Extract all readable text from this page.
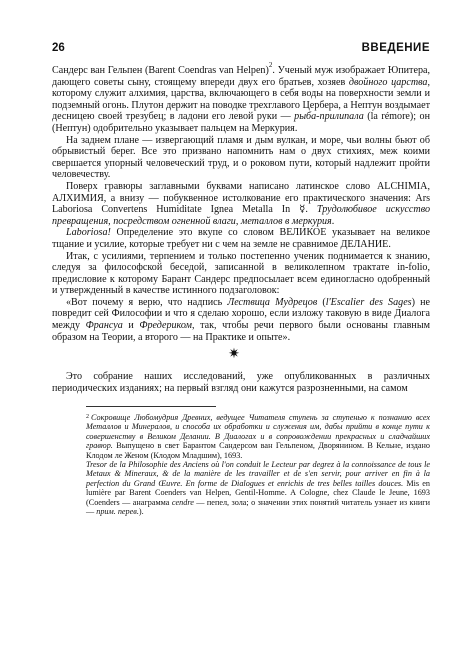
26	ВВЕДЕНИЕ

Сандерс ван Гельпен (Barent Coendras van Helpen)$^2$. Ученый муж изображает Юпитера, дающего советы сыну, стоящему впереди двух его братьев, хозяев двойного царства, которому служит алхимия, царства, включающего в себя воды на поверхности земли и подземный огонь. Плутон держит на поводке трехглавого Цербера, а Нептун воздымает десницею своей трезубец; в ладони его левой руки — рыба-прилипала (la rémore); он (Нептун) одобрительно указывает пальцем на Меркурия.

На заднем плане — извергающий пламя и дым вулкан, и море, чьи волны бьют об обрывистый берег. Все это призвано напомнить нам о двух стихиях, меж коими свершается упорный человеческий труд, и о роковом пути, который надлежит пройти человечеству.

Поверх гравюры заглавными буквами написано латинское слово ALCHIMIA, АЛХИМИЯ, а внизу — побуквенное истолкование его практического значения: Ars Laboriosa Convertens Humiditate Ignea Metalla In ☿. Трудолюбивое искусство превращения, посредством огненной влаги, металлов в меркурия.

Laboriosa! Определение это вкупе со словом ВЕЛИКОЕ указывает на великое тщание и усилие, которые требует ни с чем на земле не сравнимое ДЕЛАНИЕ.

Итак, с усилиями, терпением и только постепенно ученик поднимается к знанию, следуя за философской беседой, записанной в великолепном трактате in-folio, предисловие к которому Барант Сандерс предпосылает всем единогласно одобренный и утвержденный в качестве истинного подзаголовок:

«Вот почему я верю, что надпись Лествица Мудрецов (l'Escalier des Sages) не повредит сей Философии и что я сделаю хорошо, если изложу таковую в виде Диалога между Франсуа и Фредериком, так, чтобы речи первого были основаны главным образом на Теории, а второго — на Практике и опыте».

✷

Это собрание наших исследований, уже опубликованных в различных периодических изданиях; на первый взгляд они кажутся разрозненными, на самом

$^2$ Сокровище Любомудрия Древних, ведущее Читателя ступень за ступенью к познанию всех Металлов и Минералов, и способа их обработки и служения им, дабы прийти в конце пути к совершенству в Великом Делании. В Диалогах и в сопровождении прекрасных и сладчайших гравюр. Выпущено в свет Барантом Сандерсом ван Гельпеном, Дворянином. В Кельне, издано Клодом ле Женом (Клодом Младшим), 1693.

Tresor de la Philosophie des Anciens où l'on conduit le Lecteur par degrez à la connoissance de tous le Metaux & Mineraux, & de la manière de les travailler et de s'en servir, pour arriver en fin à la perfection du Grand Œuvre. En forme de Dialogues et enrichis de tres belles tailles douces. Mis en lumière par Barent Coenders van Helpen, Gentil-Homme. A Cologne, chez Claude le Jeune, 1693 (Coenders — анаграмма cendre — пепел, зола; о значении этих понятий читатель узнает из книги — прим. перев.).
